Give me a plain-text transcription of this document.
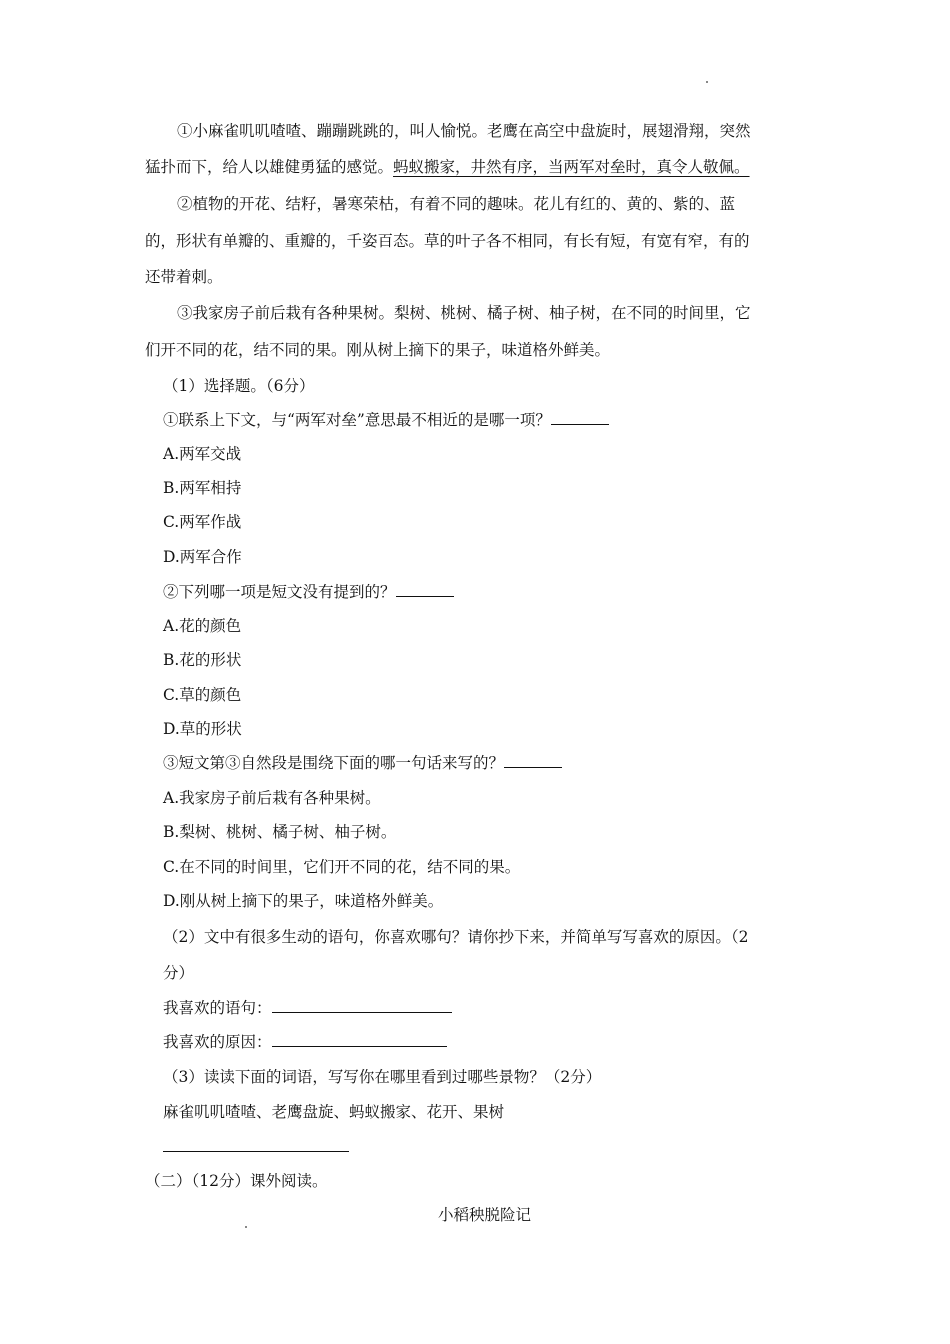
①小麻雀叽叽喳喳、蹦蹦跳跳的，叫人愉悦。老鹰在高空中盘旋时，展翅滑翔，突然
猛扑而下，给人以雄健勇猛的感觉。蚂蚁搬家，井然有序，当两军对垒时，真令人敬佩。
②植物的开花、结籽，暑寒荣枯，有着不同的趣味。花儿有红的、黄的、紫的、蓝
的，形状有单瓣的、重瓣的，千姿百态。草的叶子各不相同，有长有短，有宽有窄，有的
还带着刺。
③我家房子前后栽有各种果树。梨树、桃树、橘子树、柚子树，在不同的时间里，它
们开不同的花，结不同的果。刚从树上摘下的果子，味道格外鲜美。
（1）选择题。（6分）
①联系上下文，与“两军对垒”意思最不相近的是哪一项？
A.两军交战
B.两军相持
C.两军作战
D.两军合作
②下列哪一项是短文没有提到的？
A.花的颜色
B.花的形状
C.草的颜色
D.草的形状
③短文第③自然段是围绕下面的哪一句话来写的？
A.我家房子前后栽有各种果树。
B.梨树、桃树、橘子树、柚子树。
C.在不同的时间里，它们开不同的花，结不同的果。
D.刚从树上摘下的果子，味道格外鲜美。
（2）文中有很多生动的语句，你喜欢哪句？请你抄下来，并简单写写喜欢的原因。（2
分）
我喜欢的语句：
我喜欢的原因：
（3）读读下面的词语，写写你在哪里看到过哪些景物？（2分）
麻雀叽叽喳喳、老鹰盘旋、蚂蚁搬家、花开、果树
（二）（12分）课外阅读。
小稻秧脱险记
